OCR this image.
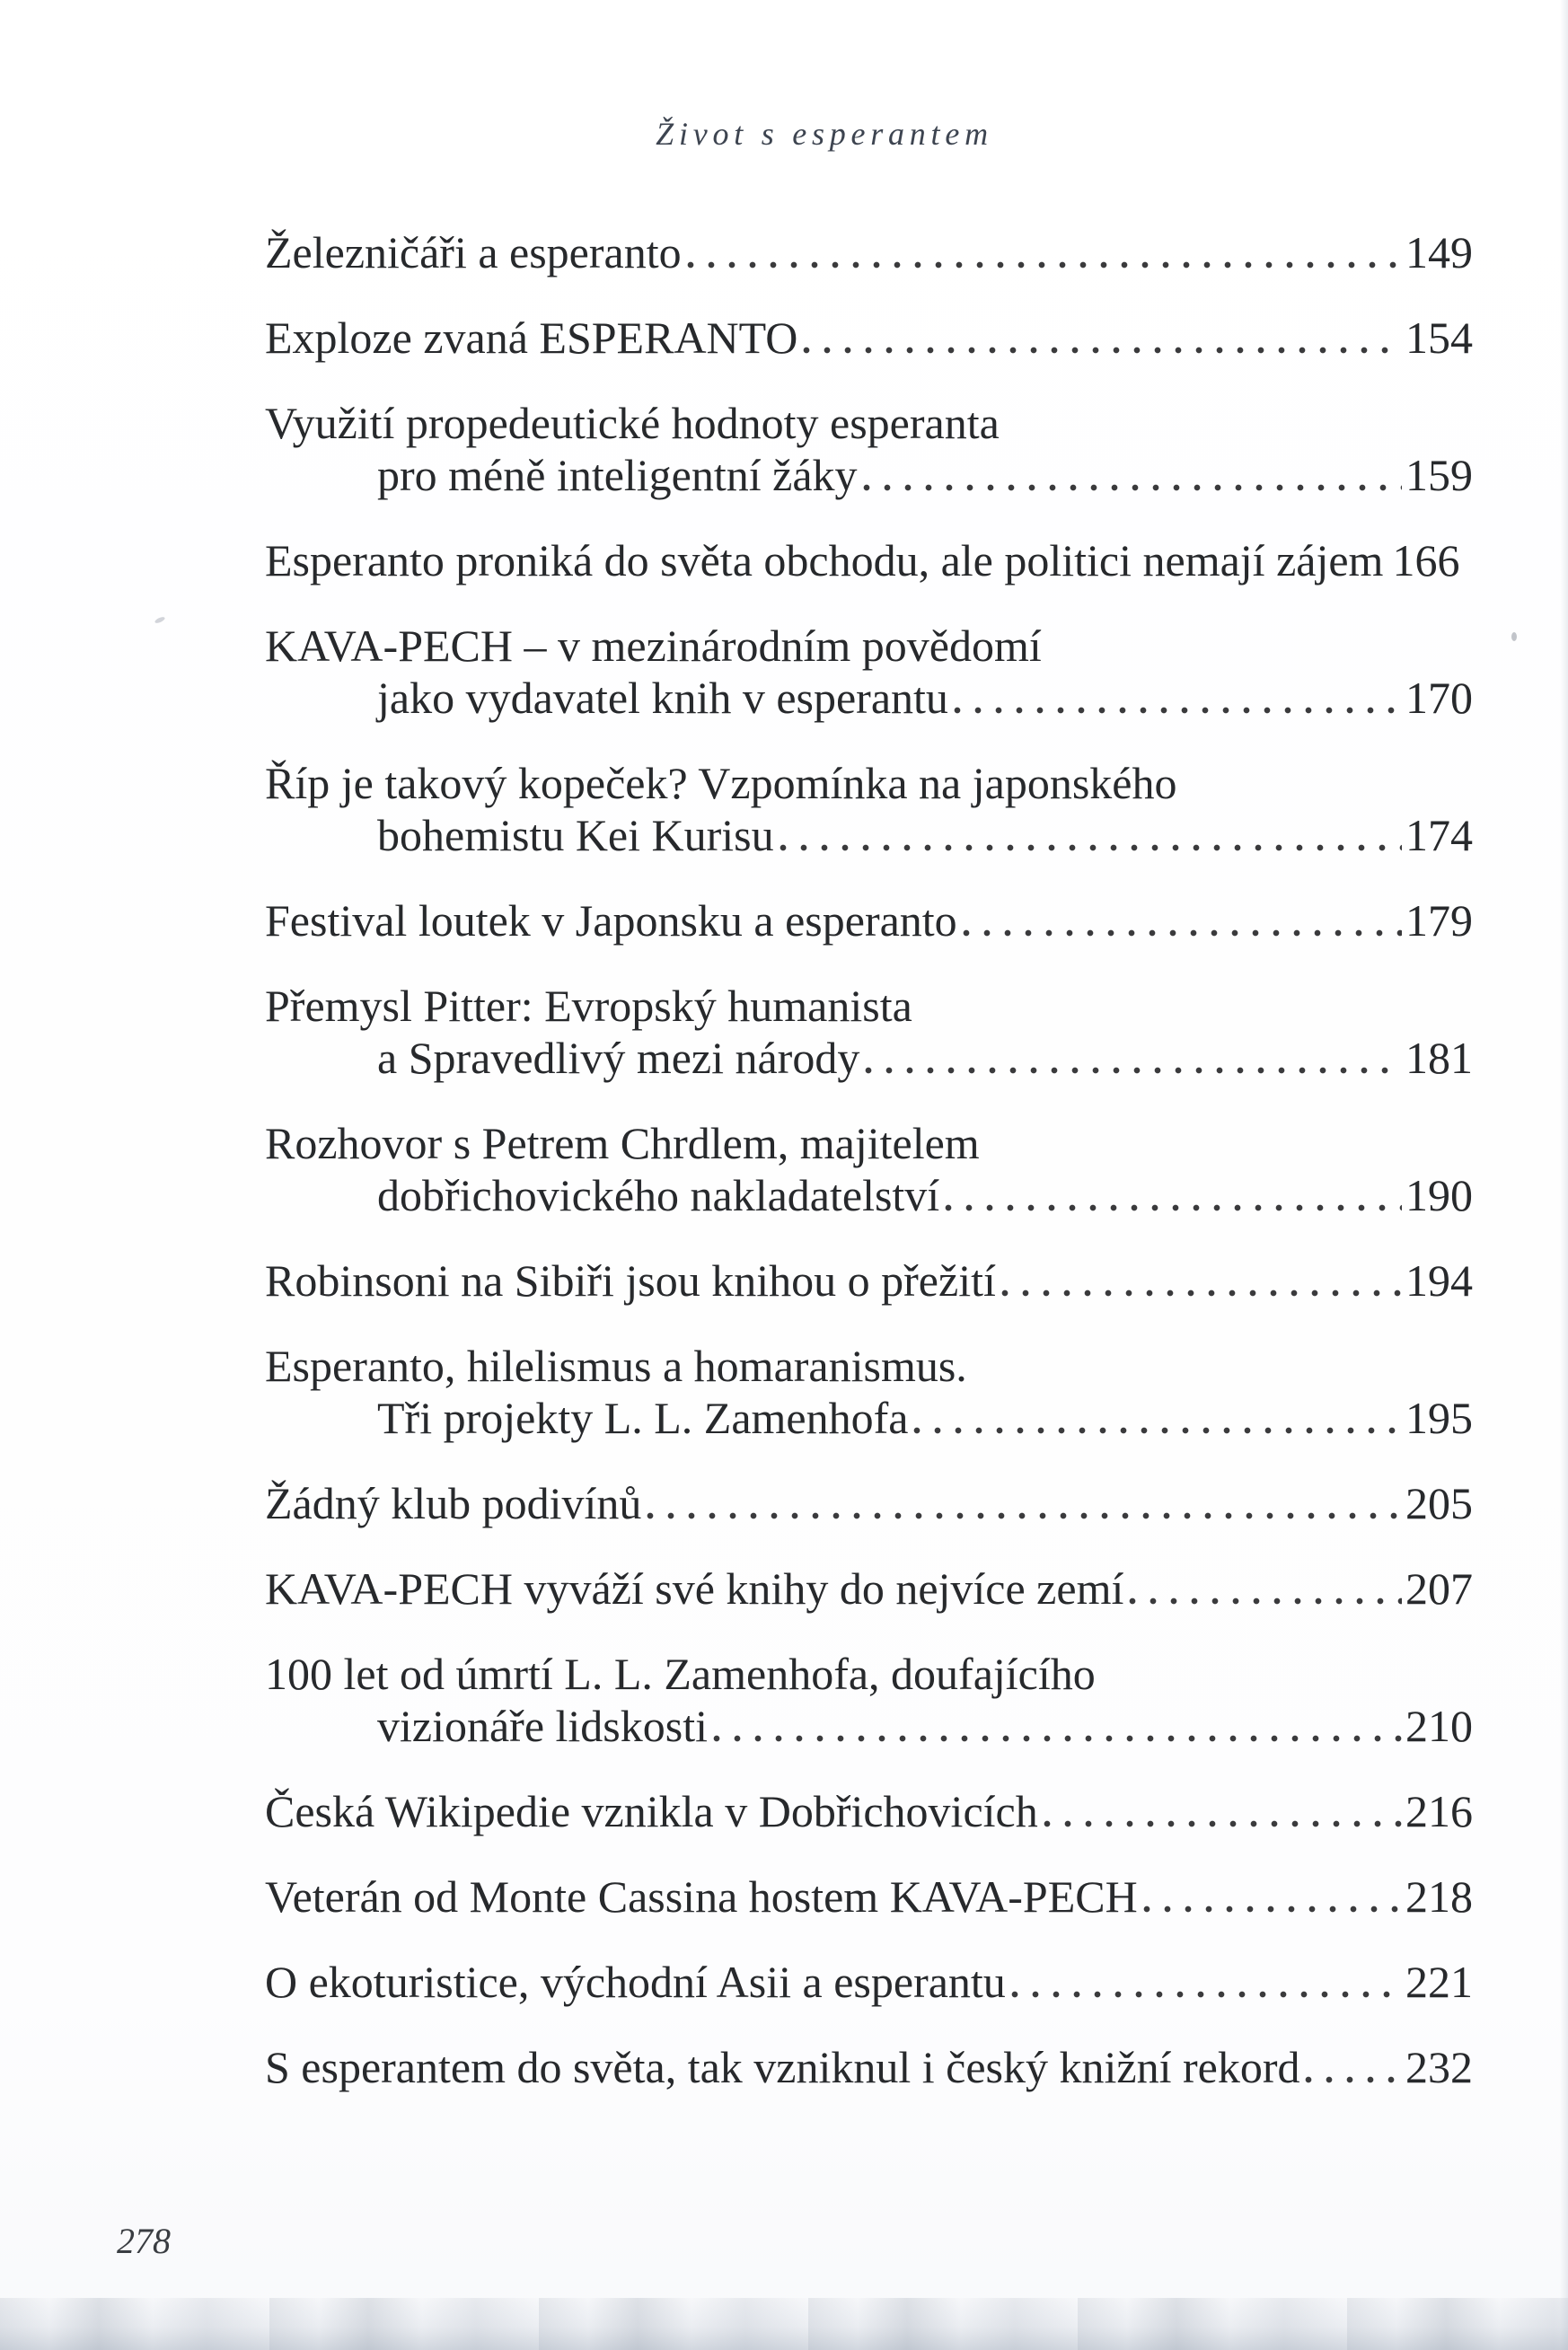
Život s esperantem
Železničáři a esperanto	149
Exploze zvaná ESPERANTO	154
Využití propedeutické hodnoty esperanta
pro méně inteligentní žáky	159
Esperanto proniká do světa obchodu, ale politici nemají zájem 166
KAVA-PECH – v mezinárodním povědomí
jako vydavatel knih v esperantu	170
Říp je takový kopeček? Vzpomínka na japonského
bohemistu Kei Kurisu	174
Festival loutek v Japonsku a esperanto	179
Přemysl Pitter: Evropský humanista
a Spravedlivý mezi národy	181
Rozhovor s Petrem Chrdlem, majitelem
dobřichovického nakladatelství	190
Robinsoni na Sibiři jsou knihou o přežití	194
Esperanto, hilelismus a homaranismus.
Tři projekty L. L. Zamenhofa	195
Žádný klub podivínů	205
KAVA-PECH vyváží své knihy do nejvíce zemí	207
100 let od úmrtí L. L. Zamenhofa, doufajícího
vizionáře lidskosti	210
Česká Wikipedie vznikla v Dobřichovicích	216
Veterán od Monte Cassina hostem KAVA-PECH	218
O ekoturistice, východní Asii a esperantu	221
S esperantem do světa, tak vzniknul i český knižní rekord 232
278
